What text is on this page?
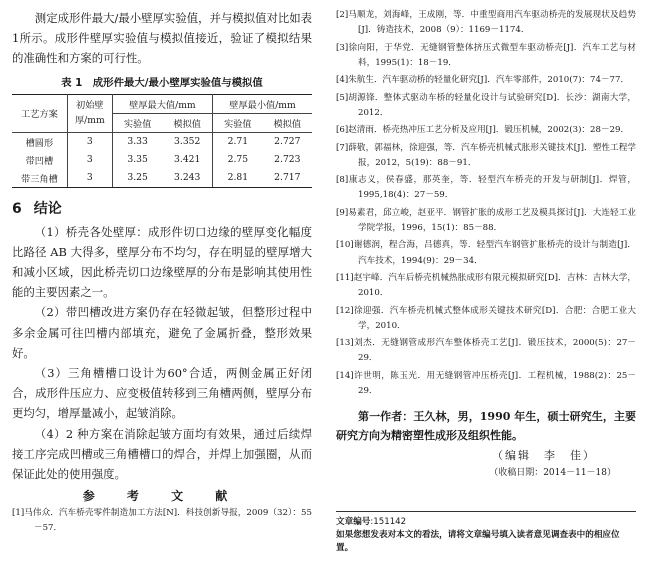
测定成形件最大/最小壁厚实验值，并与模拟值对比如表1所示。成形件壁厚实验值与模拟值接近，验证了模拟结果的准确性和方案的可行性。

表 1　成形件最大/最小壁厚实验值与模拟值
工艺方案	初始壁厚/mm	壁厚最大值/mm		壁厚最小值/mm	
		实验值	模拟值	实验值	模拟值
槽圆形	3	3.33	3.352	2.71	2.727
带凹槽	3	3.35	3.421	2.75	2.723
带三角槽	3	3.25	3.243	2.81	2.717
6 结论

（1）桥壳各处壁厚：成形件切口边缘的壁厚变化幅度比路径 AB 大得多，壁厚分布不均匀，存在明显的壁厚增大和减小区域，因此桥壳切口边缘壁厚的分布是影响其使用性能的主要因素之一。

（2）带凹槽改进方案仍存在轻微起皱，但整形过程中多余金属可往凹槽内部填充，避免了金属折叠，整形效果好。

（3）三角槽槽口设计为60°合适，两侧金属正好闭合，成形件压应力、应变极值转移到三角槽两侧，壁厚分布更均匀，增厚量减小，起皱消除。

（4）2 种方案在消除起皱方面均有效果，通过后续焊接工序完成凹槽或三角槽槽口的焊合，并焊上加强圈，从而保证此处的使用强度。

参 考 文 献

[1]马伟众．汽车桥壳零件制造加工方法[N]．科技创新导报，2009（32）：55－57．

[2]马顺龙，刘海峰，王成刚，等．中重型商用汽车驱动桥壳的发展现状及趋势[J]．铸造技术，2008（9）：1169－1174．

[3]徐向阳，于华党．无缝钢管整体挤压式微型车驱动桥壳[J]．汽车工艺与材料，1995(1)：18－19．

[4]朱航生．汽车驱动桥的轻量化研究[J]．汽车零部件，2010(7)：74－77．

[5]胡源锋．整体式驱动车桥的轻量化设计与试验研究[D]．长沙：湖南大学，2012．

[6]赵清雨．桥壳热冲压工艺分析及应用[J]．锻压机械，2002(3)：28－29．

[7]薛敬，郭福林，徐迎强，等．汽车桥壳机械式胀形关键技术[J]．塑性工程学报，2012，5(19)：88－91．

[8]康志义，侯春盛，那英奎，等．轻型汽车桥壳的开发与研制[J]．焊管，1995,18(4)：27－59．

[9]易素君，邱立峻，赵亚平．钢管扩胀的成形工艺及模具探讨[J]．大连轻工业学院学报，1996，15(1)：85－88．

[10]谢德润，程合海，吕德真，等．轻型汽车钢管扩胀桥壳的设计与制造[J]．汽车技术，1994(9)：29－34．

[11]赵宇峰．汽车后桥壳机械热胀成形有限元模拟研究[D]．吉林：吉林大学，2010．

[12]徐迎强．汽车桥壳机械式整体成形关键技术研究[D]．合肥：合肥工业大学，2010．

[13]刘杰．无缝钢管成形汽车整体桥壳工艺[J]．锻压技术，2000(5)：27－29．

[14]许世明，陈玉光．用无缝钢管冲压桥壳[J]．工程机械，1988(2)：25－29．

第一作者：王久林，男，1990 年生，硕士研究生，主要研究方向为精密塑性成形及组织性能。

（编辑　李　佳）
（收稿日期：2014－11－18）
文章编号:151142
如果您想发表对本文的看法，请将文章编号填入读者意见调查表中的相应位置。
